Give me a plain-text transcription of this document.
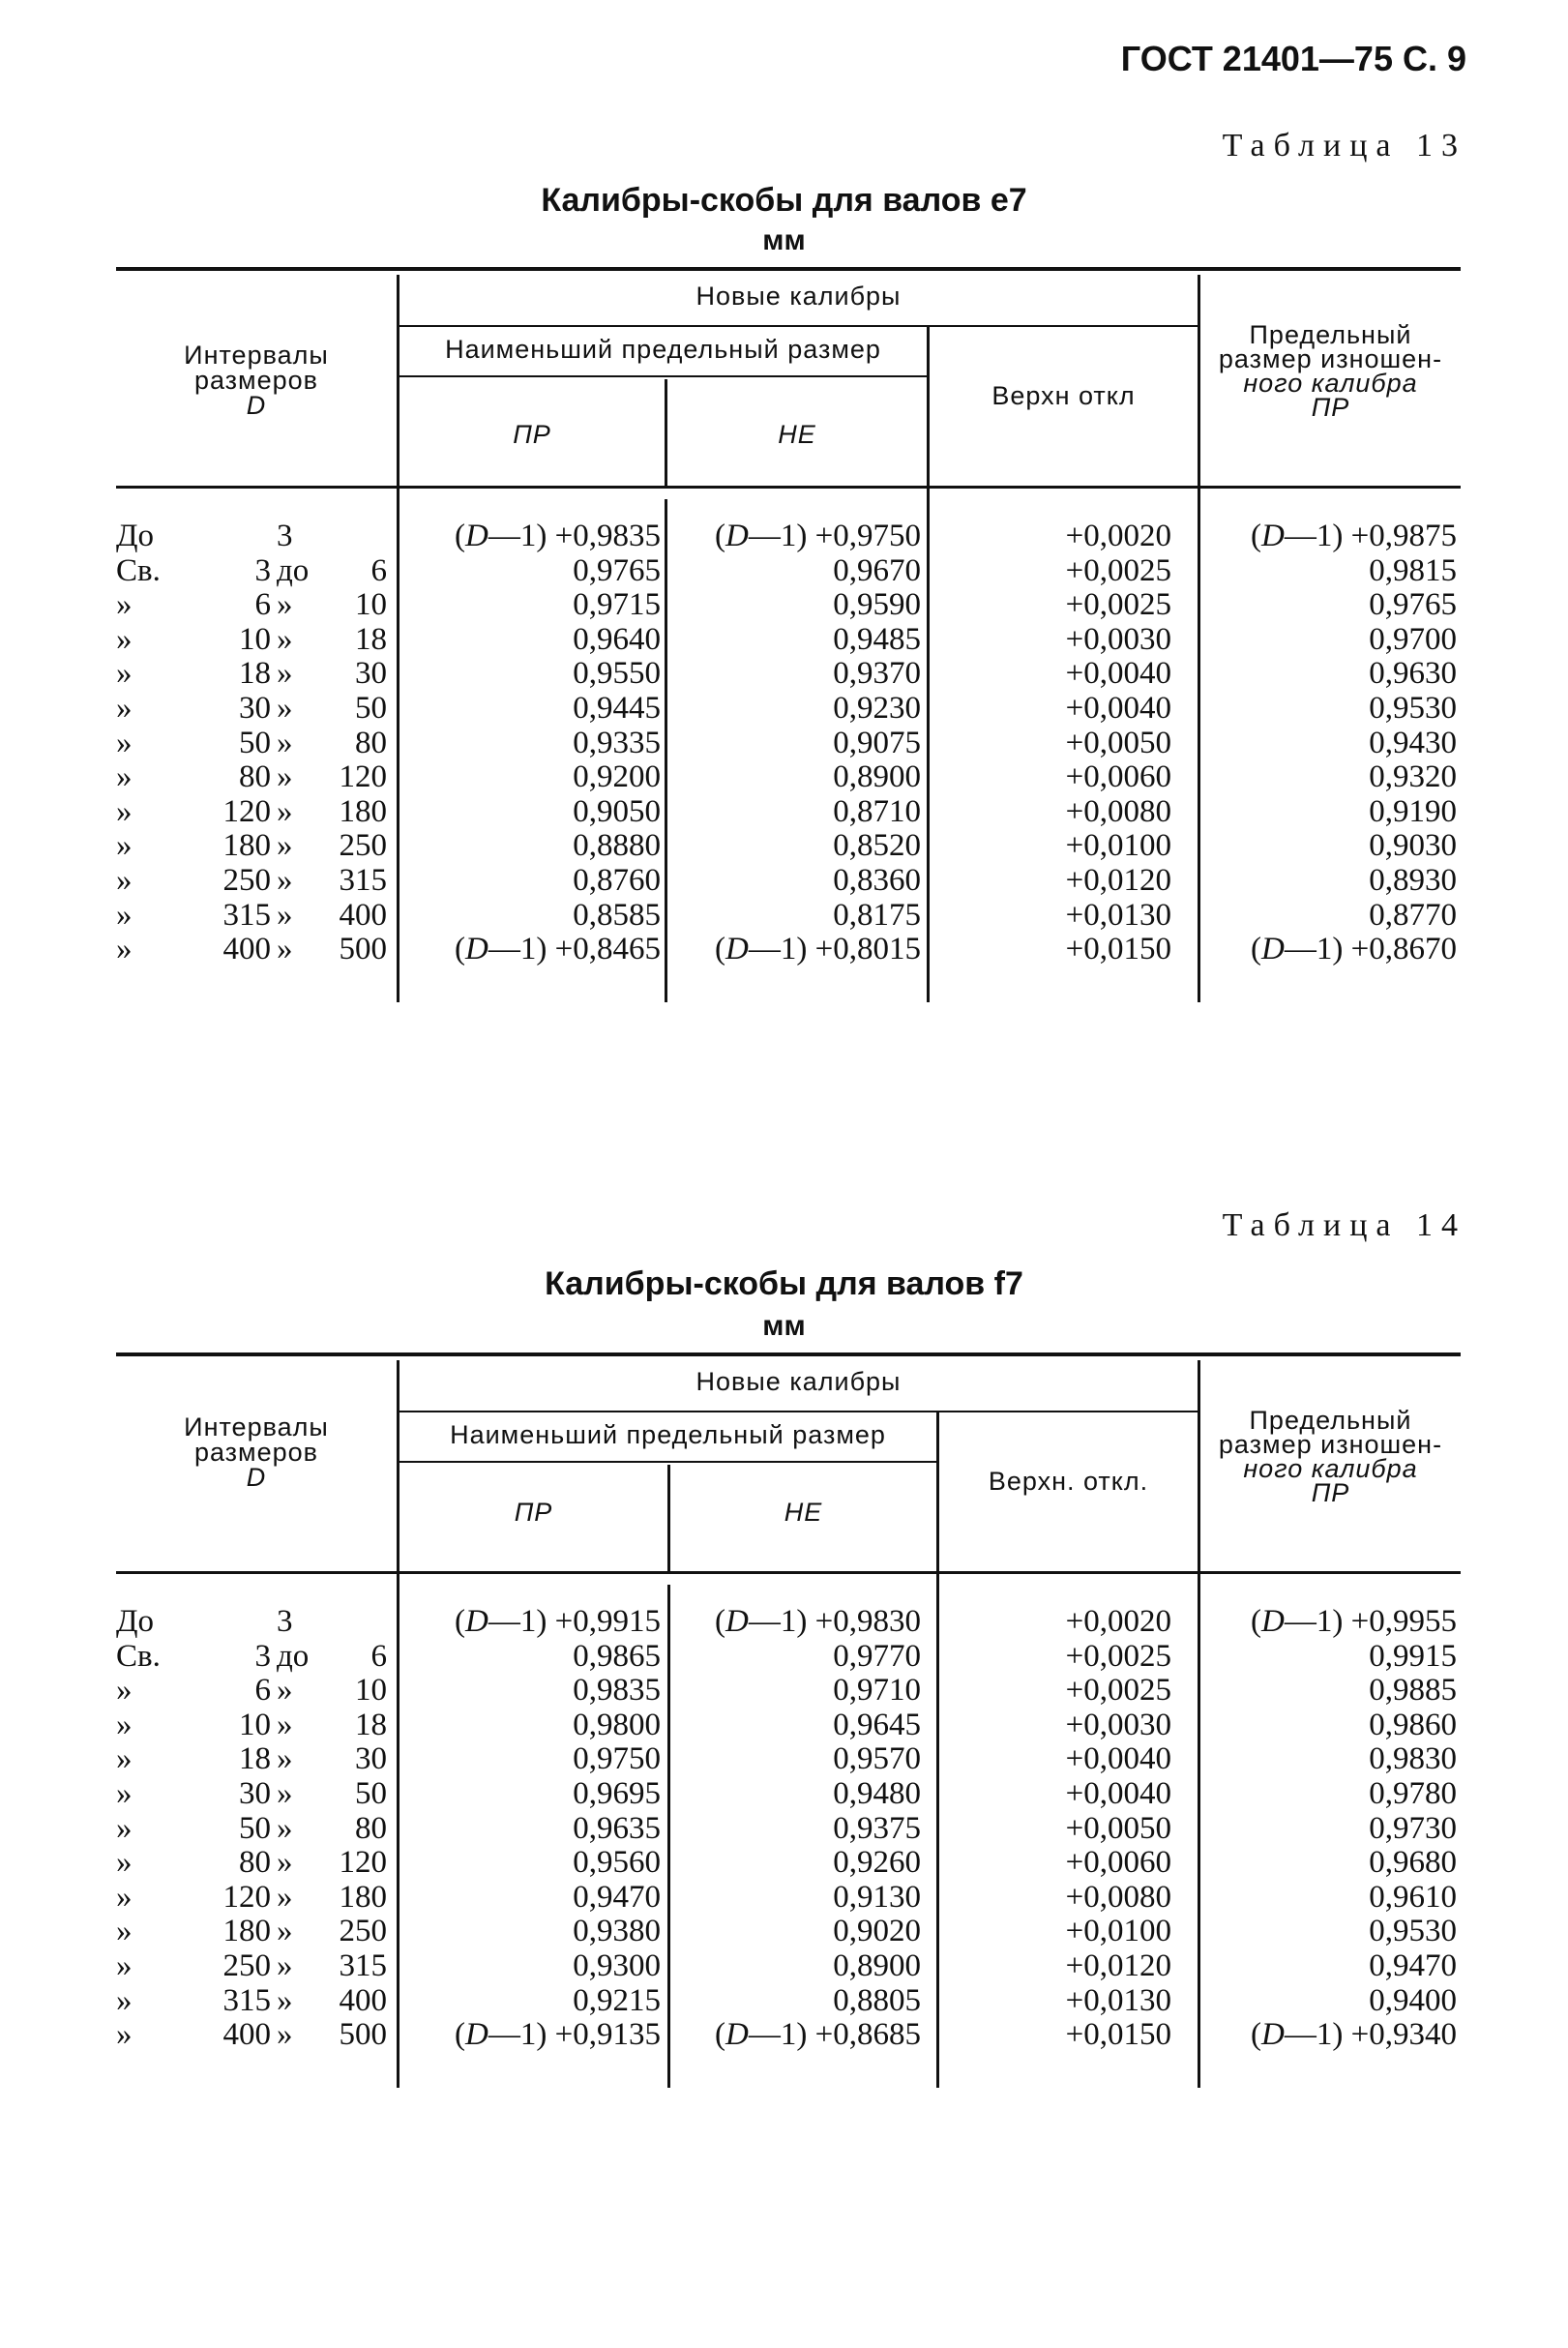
ГОСТ 21401—75 С. 9
Таблица 13
Калибры-скобы для валов e7
мм
Интервалы
размеров
D
Новые калибры
Наименьший предельный размер
ПР	НЕ
Верхн откл
Предельный
размер изношен-
ного калибра
ПР
До	3	(D—1) +0,9835	(D—1) +0,9750	+0,0020	(D—1) +0,9875
Св.	3 до	6	0,9765	0,9670	+0,0025	0,9815
»	6 »	10	0,9715	0,9590	+0,0025	0,9765
»	10 »	18	0,9640	0,9485	+0,0030	0,9700
»	18 »	30	0,9550	0,9370	+0,0040	0,9630
»	30 »	50	0,9445	0,9230	+0,0040	0,9530
»	50 »	80	0,9335	0,9075	+0,0050	0,9430
»	80 »	120	0,9200	0,8900	+0,0060	0,9320
»	120 »	180	0,9050	0,8710	+0,0080	0,9190
»	180 »	250	0,8880	0,8520	+0,0100	0,9030
»	250 »	315	0,8760	0,8360	+0,0120	0,8930
»	315 »	400	0,8585	0,8175	+0,0130	0,8770
»	400 »	500	(D—1) +0,8465	(D—1) +0,8015	+0,0150	(D—1) +0,8670
Таблица 14
Калибры-скобы для валов f7
мм
Интервалы
размеров
D
Новые калибры
Наименьший предельный размер
ПР	НЕ
Верхн. откл.
Предельный
размер изношен-
ного калибра
ПР
До	3	(D—1) +0,9915	(D—1) +0,9830	+0,0020	(D—1) +0,9955
Св.	3 до	6	0,9865	0,9770	+0,0025	0,9915
»	6 »	10	0,9835	0,9710	+0,0025	0,9885
»	10 »	18	0,9800	0,9645	+0,0030	0,9860
»	18 »	30	0,9750	0,9570	+0,0040	0,9830
»	30 »	50	0,9695	0,9480	+0,0040	0,9780
»	50 »	80	0,9635	0,9375	+0,0050	0,9730
»	80 »	120	0,9560	0,9260	+0,0060	0,9680
»	120 »	180	0,9470	0,9130	+0,0080	0,9610
»	180 »	250	0,9380	0,9020	+0,0100	0,9530
»	250 »	315	0,9300	0,8900	+0,0120	0,9470
»	315 »	400	0,9215	0,8805	+0,0130	0,9400
»	400 »	500	(D—1) +0,9135	(D—1) +0,8685	+0,0150	(D—1) +0,9340
